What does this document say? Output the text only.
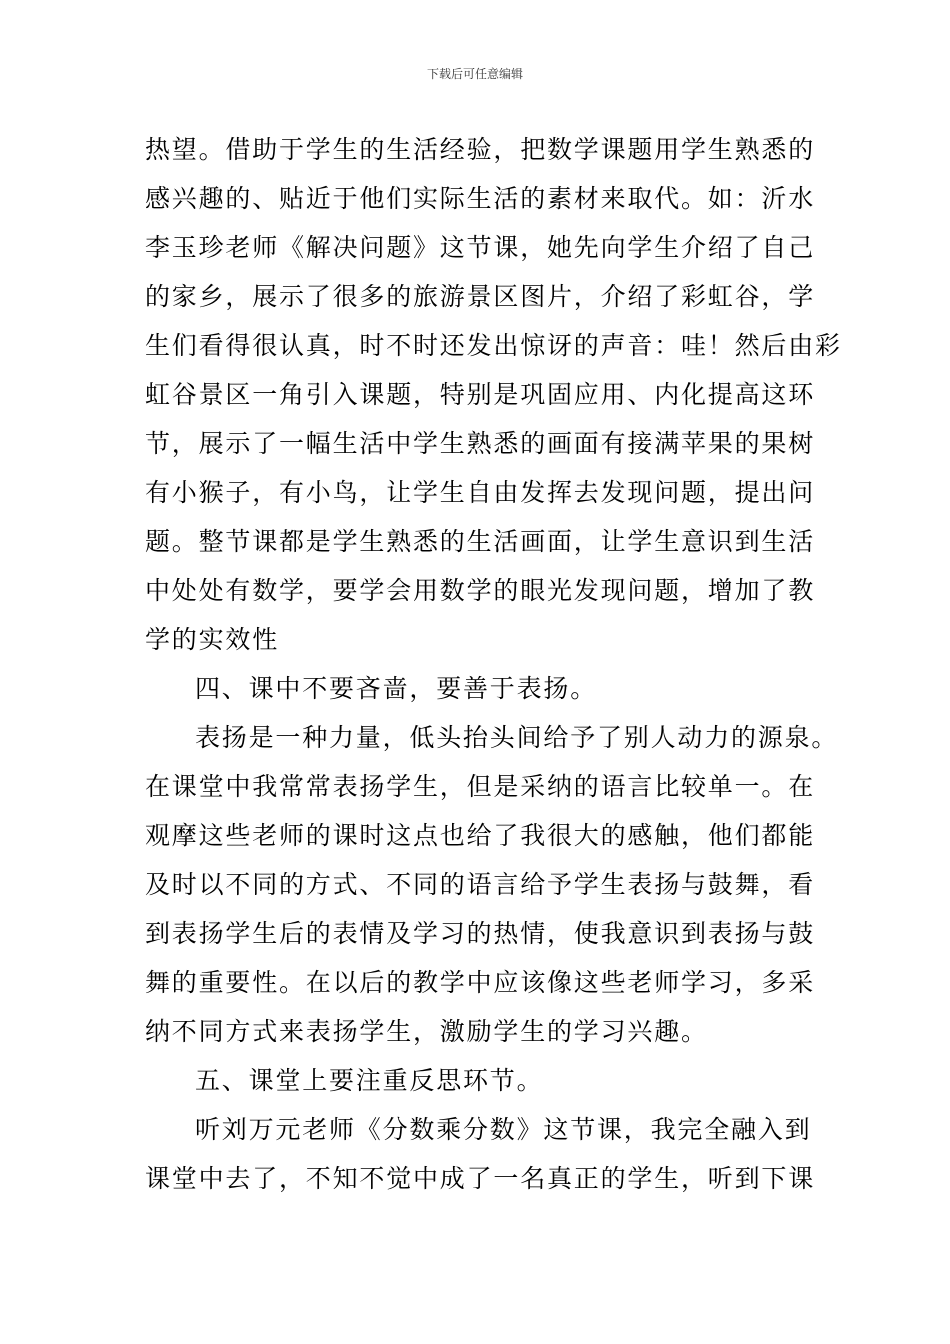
下载后可任意编辑
热望。借助于学生的生活经验，把数学课题用学生熟悉的
感兴趣的、贴近于他们实际生活的素材来取代。如：沂水
李玉珍老师《解决问题》这节课，她先向学生介绍了自己
的家乡，展示了很多的旅游景区图片，介绍了彩虹谷，学
生们看得很认真，时不时还发出惊讶的声音：哇！然后由彩
虹谷景区一角引入课题，特别是巩固应用、内化提高这环
节，展示了一幅生活中学生熟悉的画面有接满苹果的果树
有小猴子，有小鸟，让学生自由发挥去发现问题，提出问
题。整节课都是学生熟悉的生活画面，让学生意识到生活
中处处有数学，要学会用数学的眼光发现问题，增加了教
学的实效性
四、课中不要吝啬，要善于表扬。
表扬是一种力量，低头抬头间给予了别人动力的源泉。
在课堂中我常常表扬学生，但是采纳的语言比较单一。在
观摩这些老师的课时这点也给了我很大的感触，他们都能
及时以不同的方式、不同的语言给予学生表扬与鼓舞，看
到表扬学生后的表情及学习的热情，使我意识到表扬与鼓
舞的重要性。在以后的教学中应该像这些老师学习，多采
纳不同方式来表扬学生，激励学生的学习兴趣。
五、课堂上要注重反思环节。
听刘万元老师《分数乘分数》这节课，我完全融入到
课堂中去了，不知不觉中成了一名真正的学生，听到下课
